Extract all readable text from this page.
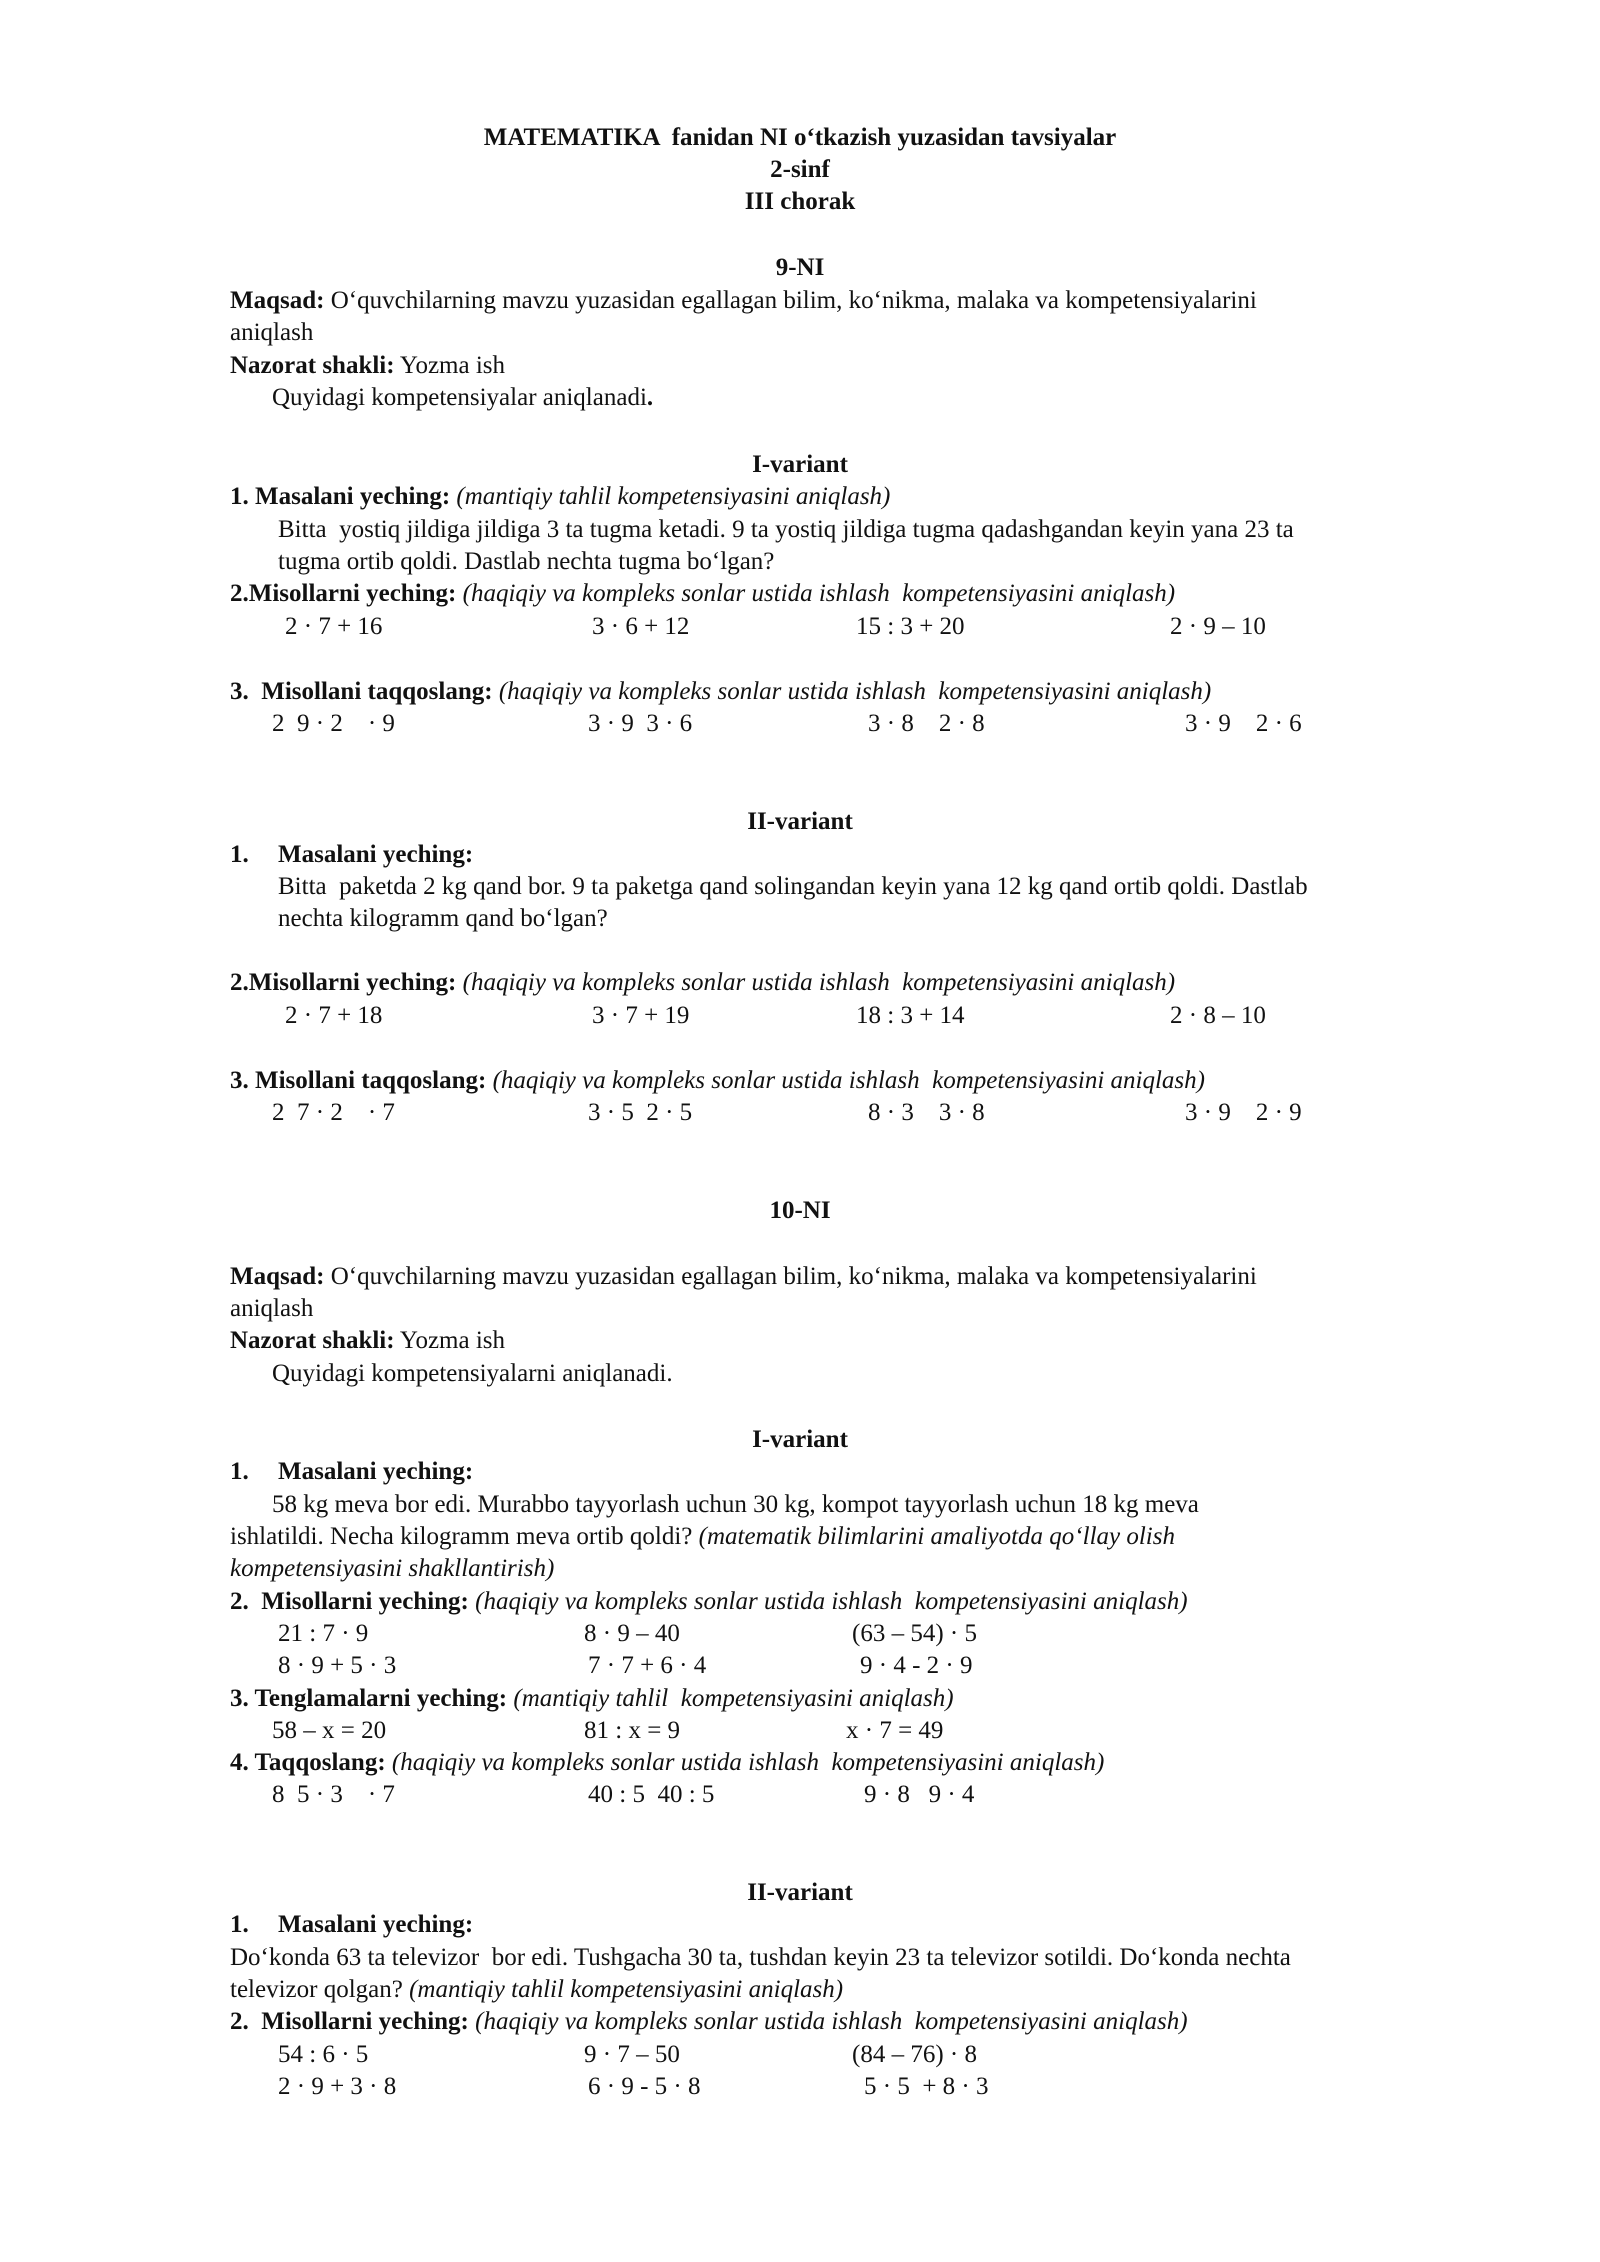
MATEMATIKA  fanidan NI o‘tkazish yuzasidan tavsiyalar
2-sinf
III chorak
9-NI
Maqsad: O‘quvchilarning mavzu yuzasidan egallagan bilim, ko‘nikma, malaka va kompetensiyalarini
aniqlash
Nazorat shakli: Yozma ish
Quyidagi kompetensiyalar aniqlanadi.
I-variant
1. Masalani yeching: (mantiqiy tahlil kompetensiyasini aniqlash)
Bitta  yostiq jildiga jildiga 3 ta tugma ketadi. 9 ta yostiq jildiga tugma qadashgandan keyin yana 23 ta
tugma ortib qoldi. Dastlab nechta tugma bo‘lgan?
2.Misollarni yeching: (haqiqiy va kompleks sonlar ustida ishlash  kompetensiyasini aniqlash)
2 · 7 + 16	3 · 6 + 12	15 : 3 + 20	2 · 9 – 10
3.  Misollani taqqoslang: (haqiqiy va kompleks sonlar ustida ishlash  kompetensiyasini aniqlash)
2  9 · 2    · 9	3 · 9  3 · 6	3 · 8    2 · 8	3 · 9    2 · 6
II-variant
1. Masalani yeching:
Bitta  paketda 2 kg qand bor. 9 ta paketga qand solingandan keyin yana 12 kg qand ortib qoldi. Dastlab
nechta kilogramm qand bo‘lgan?
2.Misollarni yeching: (haqiqiy va kompleks sonlar ustida ishlash  kompetensiyasini aniqlash)
2 · 7 + 18	3 · 7 + 19	18 : 3 + 14	2 · 8 – 10
3. Misollani taqqoslang: (haqiqiy va kompleks sonlar ustida ishlash  kompetensiyasini aniqlash)
2  7 · 2    · 7	3 · 5  2 · 5	8 · 3    3 · 8	3 · 9    2 · 9
10-NI
Maqsad: O‘quvchilarning mavzu yuzasidan egallagan bilim, ko‘nikma, malaka va kompetensiyalarini
aniqlash
Nazorat shakli: Yozma ish
Quyidagi kompetensiyalarni aniqlanadi.
I-variant
1. Masalani yeching:
58 kg meva bor edi. Murabbo tayyorlash uchun 30 kg, kompot tayyorlash uchun 18 kg meva
ishlatildi. Necha kilogramm meva ortib qoldi? (matematik bilimlarini amaliyotda qo‘llay olish
kompetensiyasini shakllantirish)
2.  Misollarni yeching: (haqiqiy va kompleks sonlar ustida ishlash  kompetensiyasini aniqlash)
21 : 7 · 9	8 · 9 – 40	(63 – 54) · 5
8 · 9 + 5 · 3	7 · 7 + 6 · 4	9 · 4 - 2 · 9
3. Tenglamalarni yeching: (mantiqiy tahlil  kompetensiyasini aniqlash)
58 – x = 20	81 : x = 9	x · 7 = 49
4. Taqqoslang: (haqiqiy va kompleks sonlar ustida ishlash  kompetensiyasini aniqlash)
8  5 · 3    · 7	40 : 5  40 : 5	9 · 8   9 · 4
II-variant
1. Masalani yeching:
Do‘konda 63 ta televizor  bor edi. Tushgacha 30 ta, tushdan keyin 23 ta televizor sotildi. Do‘konda nechta
televizor qolgan? (mantiqiy tahlil kompetensiyasini aniqlash)
2.  Misollarni yeching: (haqiqiy va kompleks sonlar ustida ishlash  kompetensiyasini aniqlash)
54 : 6 · 5	9 · 7 – 50	(84 – 76) · 8
2 · 9 + 3 · 8	6 · 9 - 5 · 8	5 · 5  + 8 · 3
